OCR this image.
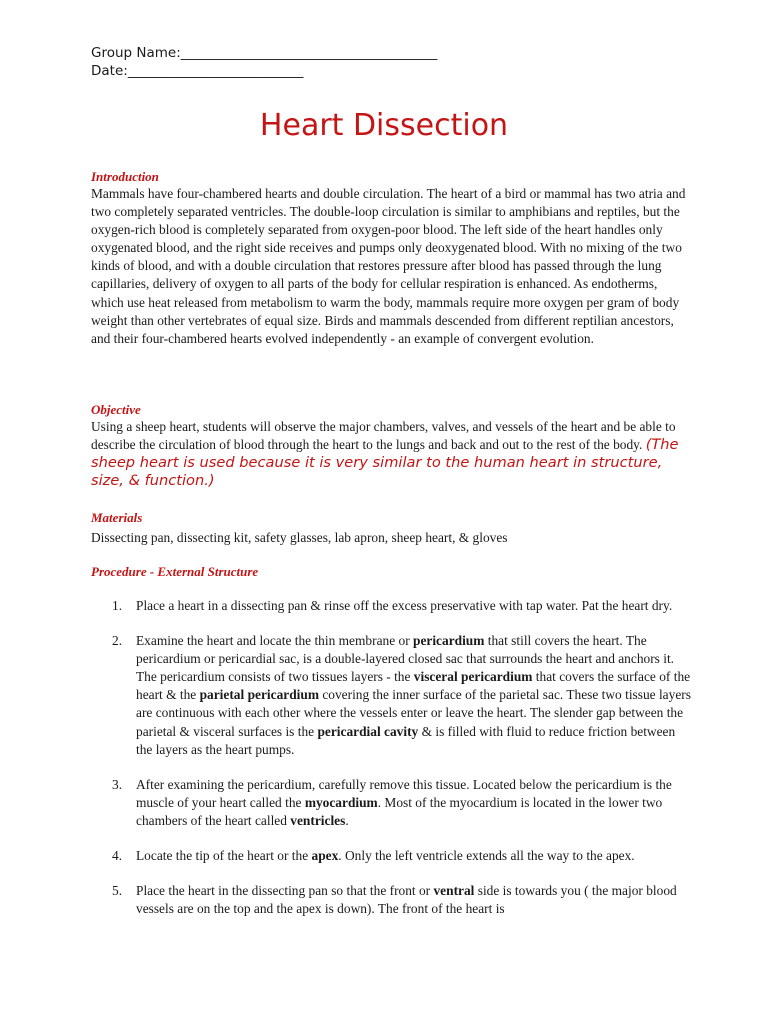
Group Name:______________________________________
Date:__________________________
Heart Dissection

Introduction

Mammals have four-chambered hearts and double circulation. The heart of a bird or mammal has two atria and two completely separated ventricles. The double-loop circulation is similar to amphibians and reptiles, but the oxygen-rich blood is completely separated from oxygen-poor blood. The left side of the heart handles only oxygenated blood, and the right side receives and pumps only deoxygenated blood. With no mixing of the two kinds of blood, and with a double circulation that restores pressure after blood has passed through the lung capillaries, delivery of oxygen to all parts of the body for cellular respiration is enhanced. As endotherms, which use heat released from metabolism to warm the body, mammals require more oxygen per gram of body weight than other vertebrates of equal size. Birds and mammals descended from different reptilian ancestors, and their four-chambered hearts evolved independently - an example of convergent evolution.

Objective

Using a sheep heart, students will observe the major chambers, valves, and vessels of the heart and be able to describe the circulation of blood through the heart to the lungs and back and out to the rest of the body. (The sheep heart is used because it is very similar to the human heart in structure, size, & function.)

Materials

Dissecting pan, dissecting kit, safety glasses, lab apron, sheep heart, & gloves

Procedure - External Structure

1. Place a heart in a dissecting pan & rinse off the excess preservative with tap water. Pat the heart dry.
2. Examine the heart and locate the thin membrane or pericardium that still covers the heart. The pericardium or pericardial sac, is a double-layered closed sac that surrounds the heart and anchors it. The pericardium consists of two tissues layers - the visceral pericardium that covers the surface of the heart & the parietal pericardium covering the inner surface of the parietal sac. These two tissue layers are continuous with each other where the vessels enter or leave the heart. The slender gap between the parietal & visceral surfaces is the pericardial cavity & is filled with fluid to reduce friction between the layers as the heart pumps.
3. After examining the pericardium, carefully remove this tissue. Located below the pericardium is the muscle of your heart called the myocardium. Most of the myocardium is located in the lower two chambers of the heart called ventricles.
4. Locate the tip of the heart or the apex. Only the left ventricle extends all the way to the apex.
5. Place the heart in the dissecting pan so that the front or ventral side is towards you ( the major blood vessels are on the top and the apex is down). The front of the heart is
